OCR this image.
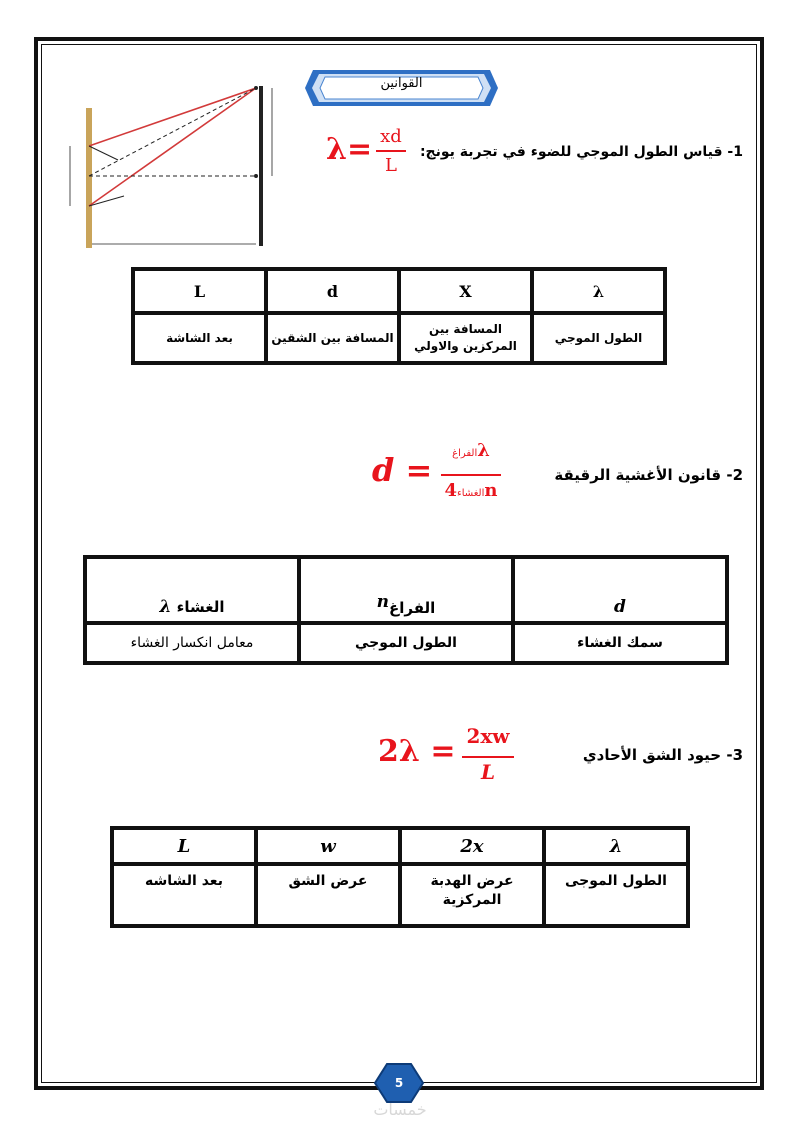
القوانين
1- قياس الطول الموجي للضوء في تجربة يونج:
λ= xd
L
L	d	X	λ
بعد الشاشة	المسافة بين الشقين	المسافة بين المركزين والاولي	الطول الموجي
2- قانون الأغشية الرقيقة
d =	الفراغλ
الغشاء4n
الغشاء λ	الفراغ$^n$	d
معامل انكسار الغشاء	الطول الموجي	سمك الغشاء
3- حيود الشق الأحادي
2λ = 2xw
L
L	w	2x	λ
بعد الشاشه	عرض الشق	عرض الهدبة المركزية	الطول الموجى
5
خمسات
